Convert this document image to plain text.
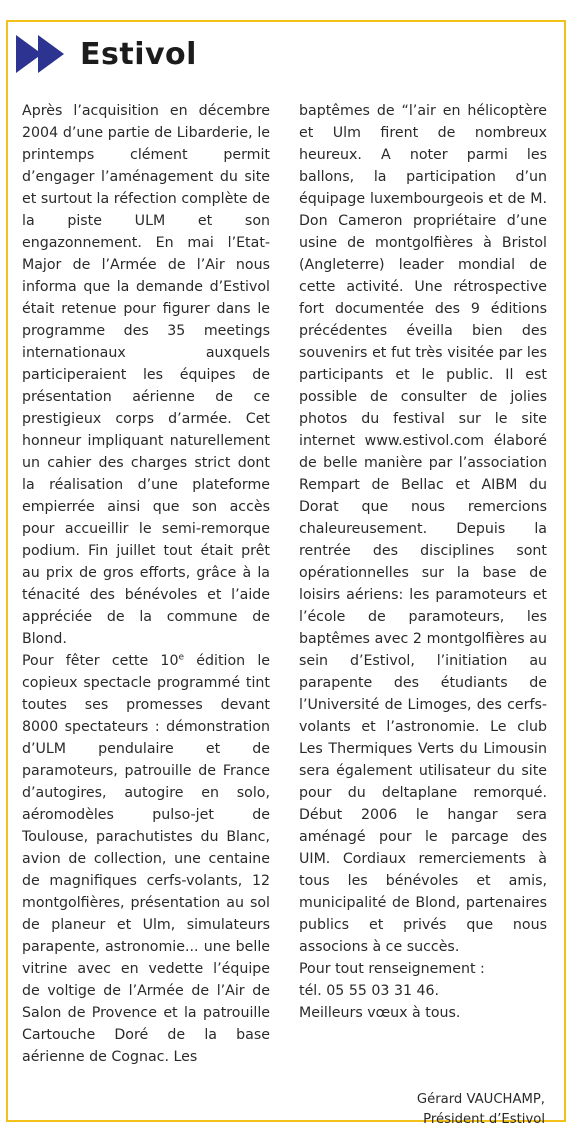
Estivol

Après l’acquisition en décembre 2004 d’une partie de Libarderie, le printemps clément permit d’engager l’aménagement du site et surtout la réfection complète de la piste ULM et son engazonnement. En mai l’Etat-Major de l’Armée de l’Air nous informa que la demande d’Estivol était retenue pour figurer dans le programme des 35 meetings internationaux auxquels participeraient les équipes de présentation aérienne de ce prestigieux corps d’armée. Cet honneur impliquant naturellement un cahier des charges strict dont la réalisation d’une plateforme empierrée ainsi que son accès pour accueillir le semi-remorque podium. Fin juillet tout était prêt au prix de gros efforts, grâce à la ténacité des bénévoles et l’aide appréciée de la commune de Blond.

Pour fêter cette 10e édition le copieux spectacle programmé tint toutes ses promesses devant 8000 spectateurs : démonstration d’ULM pendulaire et de paramoteurs, patrouille de France d’autogires, autogire en solo, aéromodèles pulso-jet de Toulouse, parachutistes du Blanc, avion de collection, une centaine de magnifiques cerfs-volants, 12 montgolfières, présentation au sol de planeur et Ulm, simulateurs parapente, astronomie... une belle vitrine avec en vedette l’équipe de voltige de l’Armée de l’Air de Salon de Provence et la patrouille Cartouche Doré de la base aérienne de Cognac. Les

baptêmes de “l’air en hélicoptère et Ulm firent de nombreux heureux. A noter parmi les ballons, la participation d’un équipage luxembourgeois et de M. Don Cameron propriétaire d’une usine de montgolfières à Bristol (Angleterre) leader mondial de cette activité. Une rétrospective fort documentée des 9 éditions précédentes éveilla bien des souvenirs et fut très visitée par les participants et le public. Il est possible de consulter de jolies photos du festival sur le site internet www.estivol.com élaboré de belle manière par l’association Rempart de Bellac et AIBM du Dorat que nous remercions chaleureusement. Depuis la rentrée des disciplines sont opérationnelles sur la base de loisirs aériens: les paramoteurs et l’école de paramoteurs, les baptêmes avec 2 montgolfières au sein d’Estivol, l’initiation au parapente des étudiants de l’Université de Limoges, des cerfs-volants et l’astronomie. Le club Les Thermiques Verts du Limousin sera également utilisateur du site pour du deltaplane remorqué. Début 2006 le hangar sera aménagé pour le parcage des UIM. Cordiaux remerciements à tous les bénévoles et amis, municipalité de Blond, partenaires publics et privés que nous associons à ce succès.

Pour tout renseignement :
tél. 05 55 03 31 46.
Meilleurs vœux à tous.
Gérard VAUCHAMP,
Président d’Estivol
